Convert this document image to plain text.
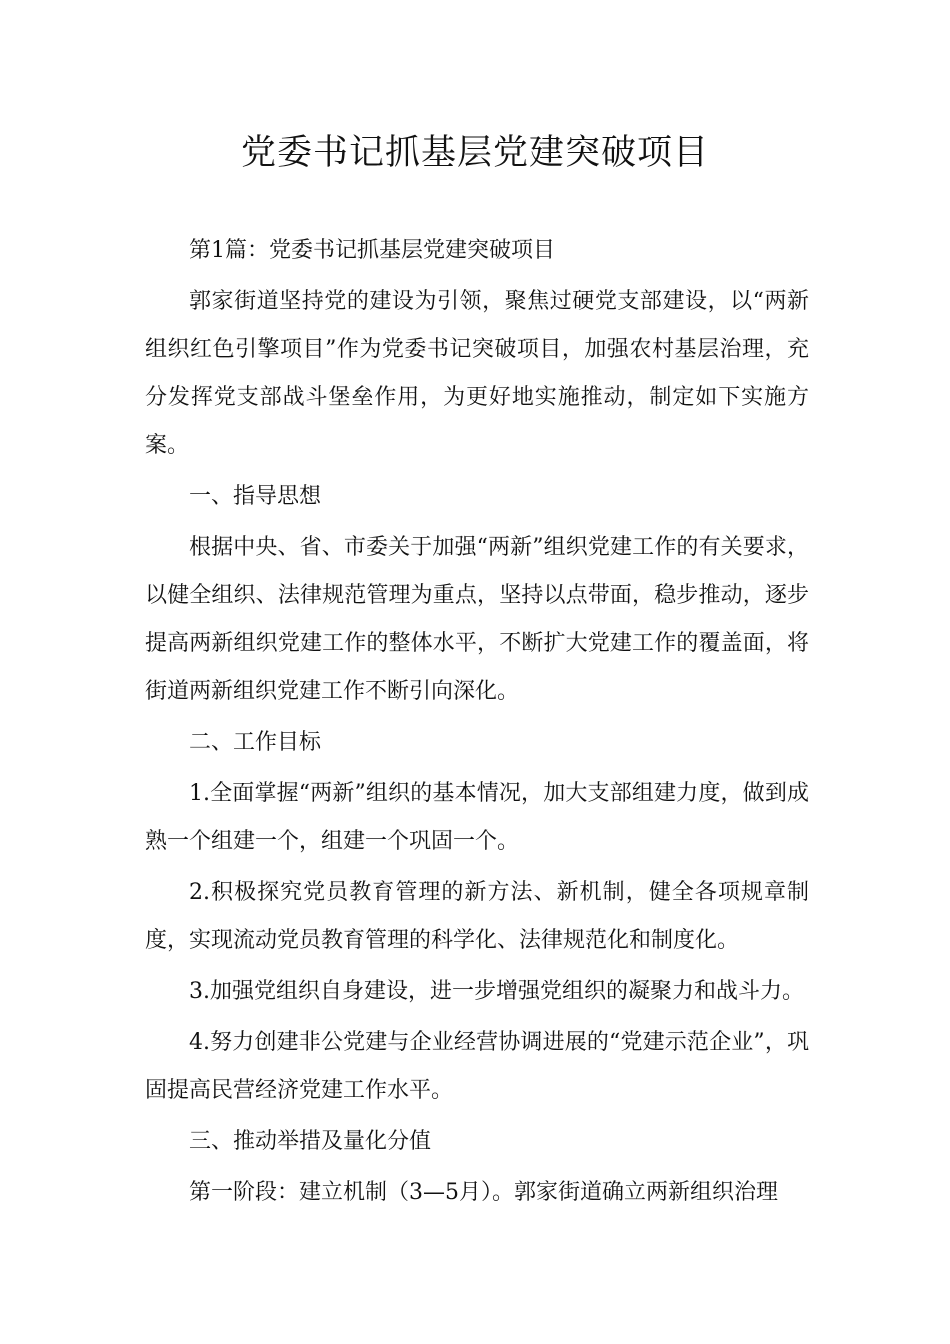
党委书记抓基层党建突破项目

第1篇：党委书记抓基层党建突破项目

郭家街道坚持党的建设为引领，聚焦过硬党支部建设，以“两新组织红色引擎项目”作为党委书记突破项目，加强农村基层治理，充分发挥党支部战斗堡垒作用，为更好地实施推动，制定如下实施方案。

一、指导思想

根据中央、省、市委关于加强“两新”组织党建工作的有关要求，以健全组织、法律规范管理为重点，坚持以点带面，稳步推动，逐步提高两新组织党建工作的整体水平，不断扩大党建工作的覆盖面，将街道两新组织党建工作不断引向深化。

二、工作目标

1.全面掌握“两新”组织的基本情况，加大支部组建力度，做到成熟一个组建一个，组建一个巩固一个。

2.积极探究党员教育管理的新方法、新机制，健全各项规章制度，实现流动党员教育管理的科学化、法律规范化和制度化。

3.加强党组织自身建设，进一步增强党组织的凝聚力和战斗力。

4.努力创建非公党建与企业经营协调进展的“党建示范企业”，巩固提高民营经济党建工作水平。

三、推动举措及量化分值

第一阶段：建立机制（3—5月）。郭家街道确立两新组织治理
